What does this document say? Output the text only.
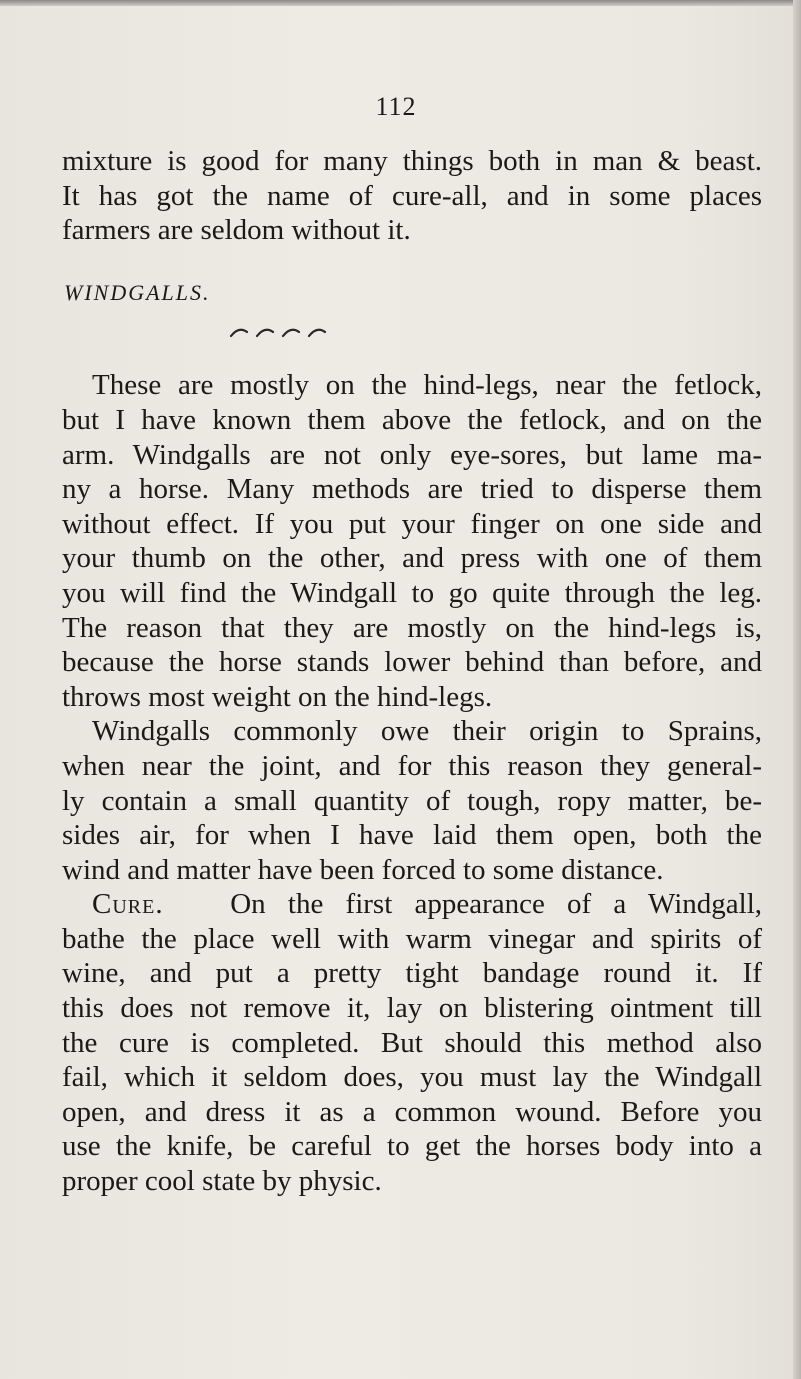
112
mixture is good for many things both in man & beast.
It has got the name of cure-all, and in some places
farmers are seldom without it.
WINDGALLS.
These are mostly on the hind-legs, near the fetlock,
but I have known them above the fetlock, and on the
arm. Windgalls are not only eye-sores, but lame ma-
ny a horse. Many methods are tried to disperse them
without effect. If you put your finger on one side and
your thumb on the other, and press with one of them
you will find the Windgall to go quite through the leg.
The reason that they are mostly on the hind-legs is,
because the horse stands lower behind than before, and
throws most weight on the hind-legs.
Windgalls commonly owe their origin to Sprains,
when near the joint, and for this reason they general-
ly contain a small quantity of tough, ropy matter, be-
sides air, for when I have laid them open, both the
wind and matter have been forced to some distance.
Cure. On the first appearance of a Windgall,
bathe the place well with warm vinegar and spirits of
wine, and put a pretty tight bandage round it. If
this does not remove it, lay on blistering ointment till
the cure is completed. But should this method also
fail, which it seldom does, you must lay the Windgall
open, and dress it as a common wound. Before you
use the knife, be careful to get the horses body into a
proper cool state by physic.
